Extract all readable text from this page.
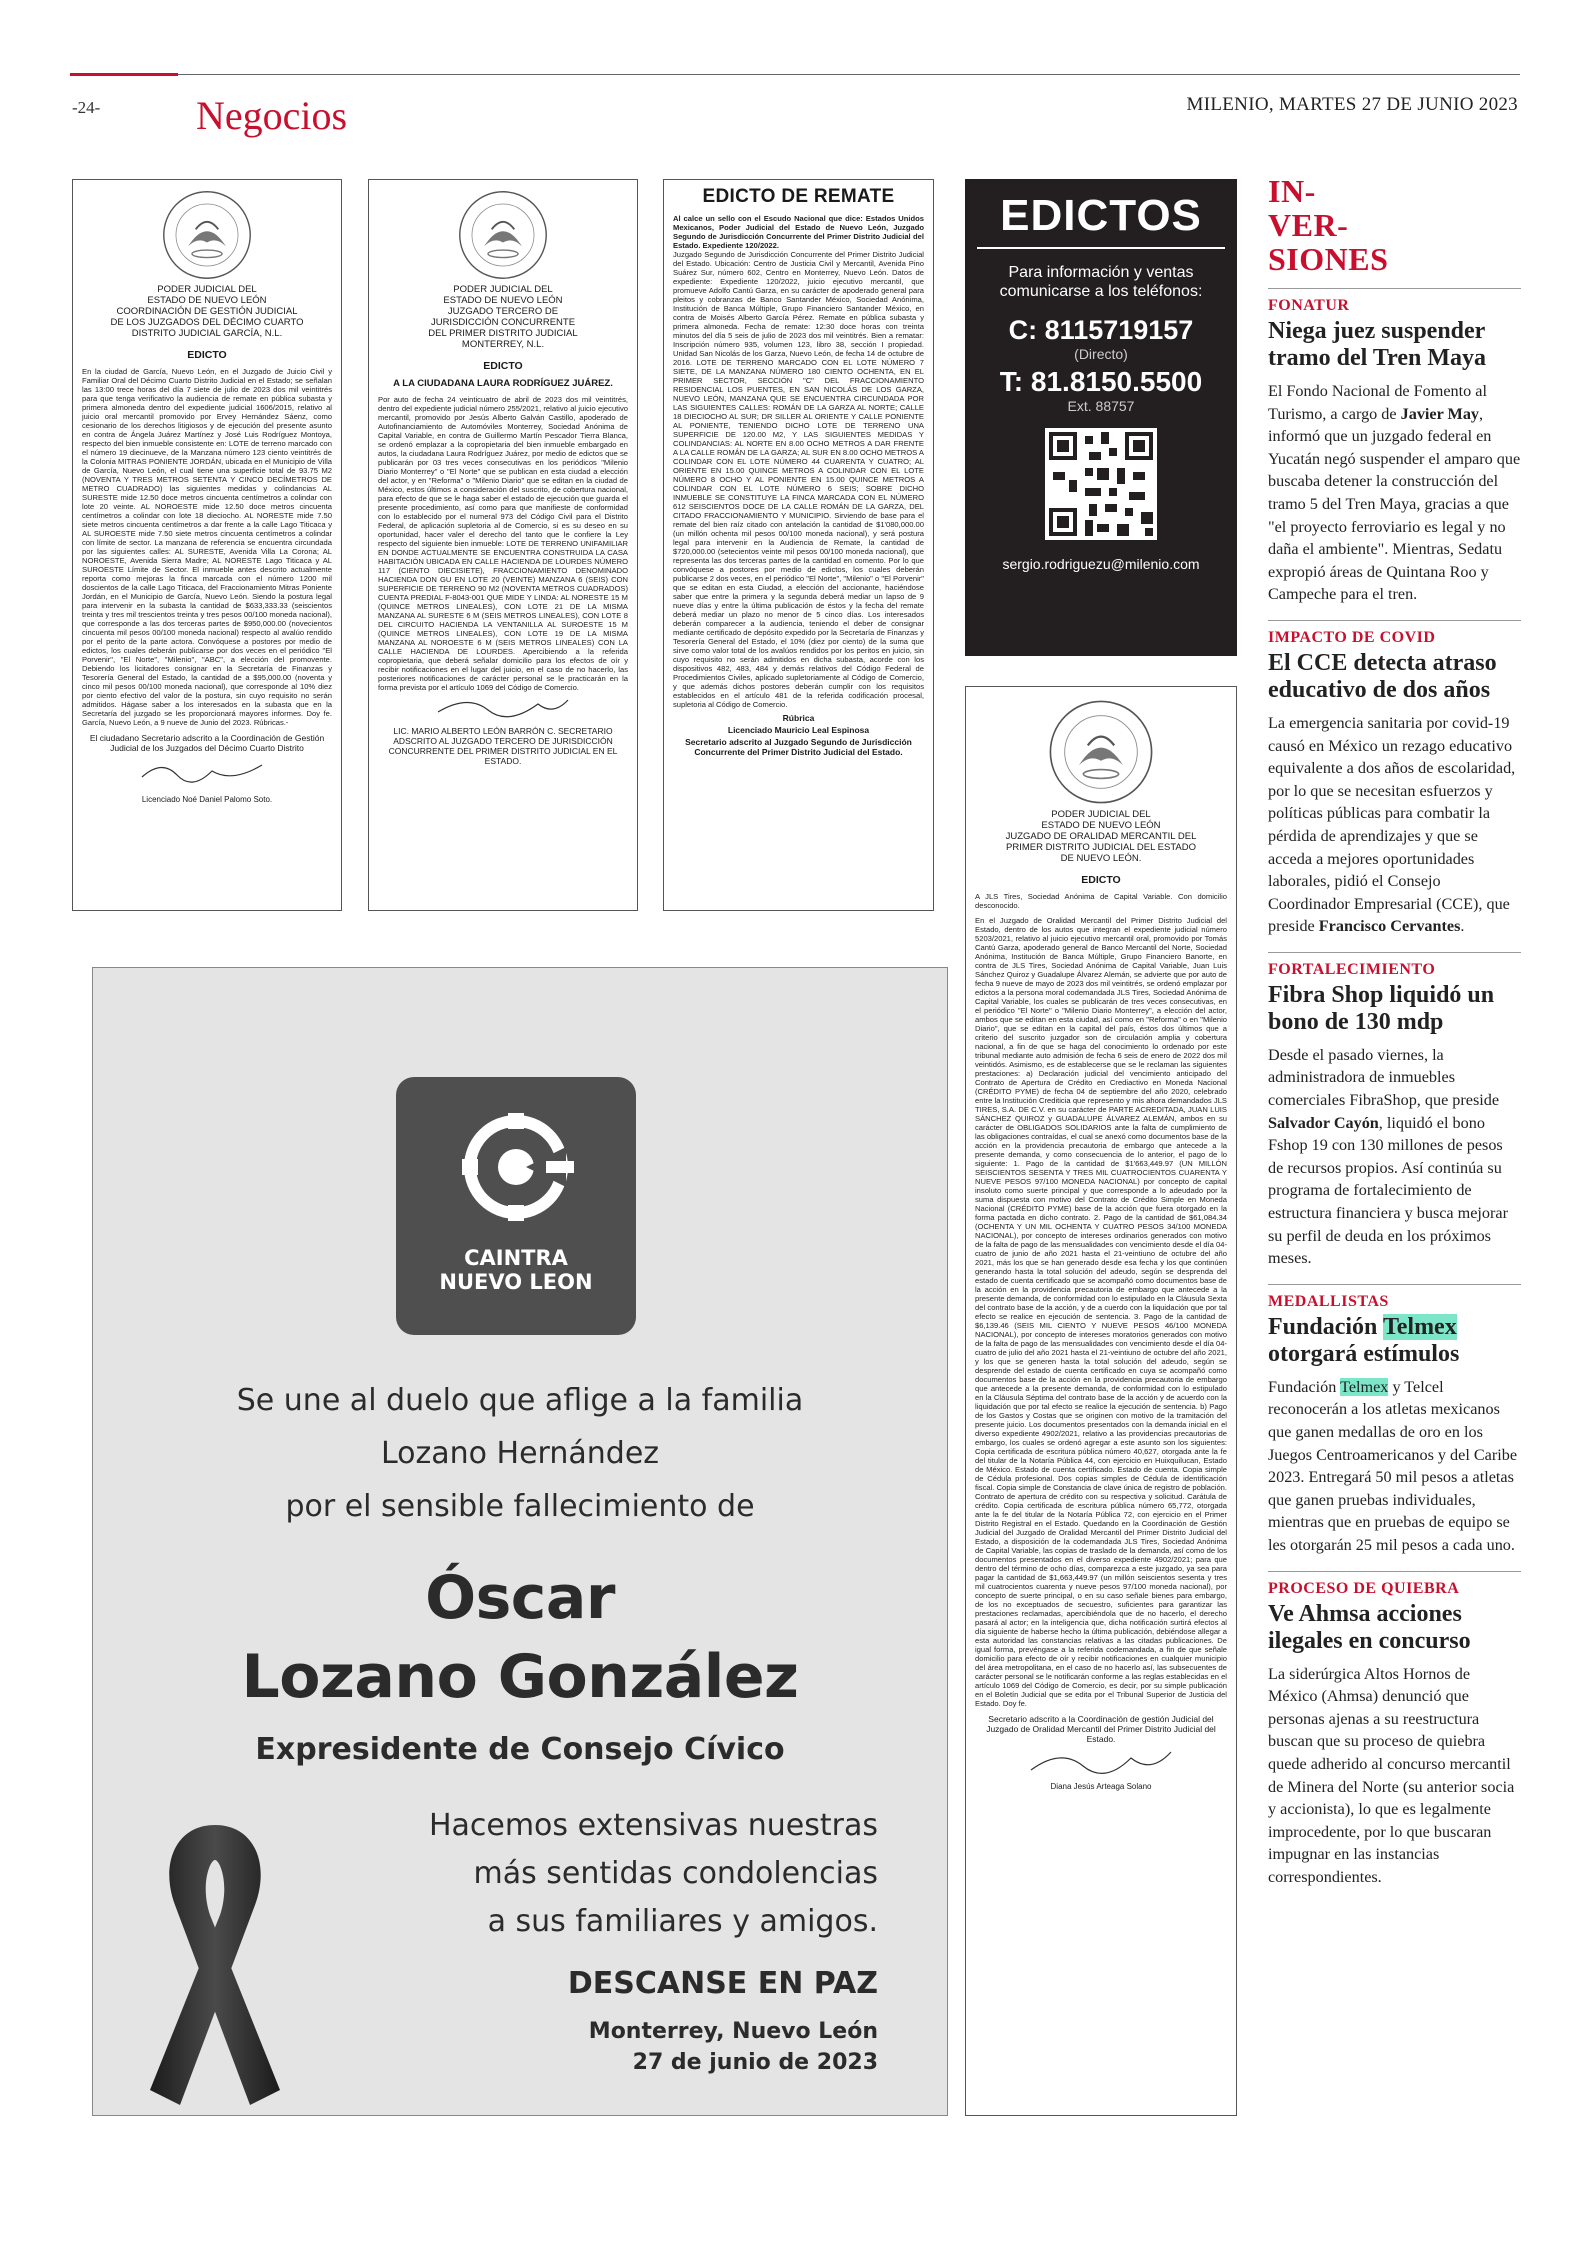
-24- Negocios	MILENIO, MARTES 27 DE JUNIO 2023
PODER JUDICIAL DEL
ESTADO DE NUEVO LEÓN
COORDINACIÓN DE GESTIÓN JUDICIAL
DE LOS JUZGADOS DEL DÉCIMO CUARTO
DISTRITO JUDICIAL GARCÍA, N.L.
EDICTO
En la ciudad de García, Nuevo León, en el Juzgado de Juicio Civil y Familiar Oral del Décimo Cuarto Distrito Judicial en el Estado; se señalan las 13:00 trece horas del día 7 siete de julio de 2023 dos mil veintitrés para que tenga verificativo la audiencia de remate en pública subasta y primera almoneda dentro del expediente judicial 1606/2015, relativo al juicio oral mercantil promovido por Ervey Hernández Sáenz, como cesionario de los derechos litigiosos y de ejecución del presente asunto en contra de Ángela Juárez Martínez y José Luis Rodríguez Montoya, respecto del bien inmueble consistente en: LOTE de terreno marcado con el número 19 diecinueve, de la Manzana número 123 ciento veintitrés de la Colonia MITRAS PONIENTE JORDÁN, ubicada en el Municipio de Villa de García, Nuevo León, el cual tiene una superficie total de 93.75 M2 (NOVENTA Y TRES METROS SETENTA Y CINCO DECÍMETROS DE METRO CUADRADO) las siguientes medidas y colindancias AL SURESTE mide 12.50 doce metros cincuenta centímetros a colindar con lote 20 veinte. AL NOROESTE mide 12.50 doce metros cincuenta centímetros a colindar con lote 18 dieciocho. AL NORESTE mide 7.50 siete metros cincuenta centímetros a dar frente a la calle Lago Titicaca y AL SUROESTE mide 7.50 siete metros cincuenta centímetros a colindar con límite de sector. La manzana de referencia se encuentra circundada por las siguientes calles: AL SURESTE, Avenida Villa La Corona; AL NOROESTE, Avenida Sierra Madre; AL NORESTE Lago Titicaca y AL SUROESTE Límite de Sector. El inmueble antes descrito actualmente reporta como mejoras la finca marcada con el número 1200 mil doscientos de la calle Lago Titicaca, del Fraccionamiento Mitras Poniente Jordán, en el Municipio de García, Nuevo León. Siendo la postura legal para intervenir en la subasta la cantidad de $633,333.33 (seiscientos treinta y tres mil trescientos treinta y tres pesos 00/100 moneda nacional), que corresponde a las dos terceras partes de $950,000.00 (novecientos cincuenta mil pesos 00/100 moneda nacional) respecto al avalúo rendido por el perito de la parte actora. Convóquese a postores por medio de edictos, los cuales deberán publicarse por dos veces en el periódico "El Porvenir", "El Norte", "Milenio", "ABC", a elección del promovente. Debiendo los licitadores consignar en la Secretaría de Finanzas y Tesorería General del Estado, la cantidad de a $95,000.00 (noventa y cinco mil pesos 00/100 moneda nacional), que corresponde al 10% diez por ciento efectivo del valor de la postura, sin cuyo requisito no serán admitidos. Hágase saber a los interesados en la subasta que en la Secretaría del juzgado se les proporcionará mayores informes. Doy fe. García, Nuevo León, a 9 nueve de Junio del 2023. Rúbricas.-
El ciudadano Secretario adscrito a la Coordinación de Gestión Judicial de los Juzgados del Décimo Cuarto Distrito
Licenciado Noé Daniel Palomo Soto.
PODER JUDICIAL DEL
ESTADO DE NUEVO LEÓN
JUZGADO TERCERO DE
JURISDICCIÓN CONCURRENTE
DEL PRIMER DISTRITO JUDICIAL
MONTERREY, N.L.
EDICTO
A LA CIUDADANA LAURA RODRÍGUEZ JUÁREZ.
Por auto de fecha 24 veinticuatro de abril de 2023 dos mil veintitrés, dentro del expediente judicial número 255/2021, relativo al juicio ejecutivo mercantil, promovido por Jesús Alberto Galván Castillo, apoderado de Autofinanciamiento de Automóviles Monterrey, Sociedad Anónima de Capital Variable, en contra de Guillermo Martín Pescador Tierra Blanca, se ordenó emplazar a la copropietaria del bien inmueble embargado en autos, la ciudadana Laura Rodríguez Juárez, por medio de edictos que se publicarán por 03 tres veces consecutivas en los periódicos "Milenio Diario Monterrey" o "El Norte" que se publican en esta ciudad a elección del actor, y en "Reforma" o "Milenio Diario" que se editan en la ciudad de México, estos últimos a consideración del suscrito, de cobertura nacional, para efecto de que se le haga saber el estado de ejecución que guarda el presente procedimiento, así como para que manifieste de conformidad con lo establecido por el numeral 973 del Código Civil para el Distrito Federal, de aplicación supletoria al de Comercio, si es su deseo en su oportunidad, hacer valer el derecho del tanto que le confiere la Ley respecto del siguiente bien inmueble: LOTE DE TERRENO UNIFAMILIAR EN DONDE ACTUALMENTE SE ENCUENTRA CONSTRUIDA LA CASA HABITACIÓN UBICADA EN CALLE HACIENDA DE LOURDES NÚMERO 117 (CIENTO DIECISIETE), FRACCIONAMIENTO DENOMINADO HACIENDA DON GU EN LOTE 20 (VEINTE) MANZANA 6 (SEIS) CON SUPERFICIE DE TERRENO 90 M2 (NOVENTA METROS CUADRADOS) CUENTA PREDIAL F-8043-001 QUE MIDE Y LINDA: AL NORESTE 15 M (QUINCE METROS LINEALES), CON LOTE 21 DE LA MISMA MANZANA AL SURESTE 6 M (SEIS METROS LINEALES), CON LOTE 8 DEL CIRCUITO HACIENDA LA VENTANILLA AL SUROESTE 15 M (QUINCE METROS LINEALES), CON LOTE 19 DE LA MISMA MANZANA AL NOROESTE 6 M (SEIS METROS LINEALES) CON LA CALLE HACIENDA DE LOURDES. Apercibiendo a la referida copropietaria, que deberá señalar domicilio para los efectos de oír y recibir notificaciones en el lugar del juicio, en el caso de no hacerlo, las posteriores notificaciones de carácter personal se le practicarán en la forma prevista por el artículo 1069 del Código de Comercio.
LIC. MARIO ALBERTO LEÓN BARRÓN C. SECRETARIO ADSCRITO AL JUZGADO TERCERO DE JURISDICCIÓN CONCURRENTE DEL PRIMER DISTRITO JUDICIAL EN EL ESTADO.
EDICTO DE REMATE
Al calce un sello con el Escudo Nacional que dice: Estados Unidos Mexicanos, Poder Judicial del Estado de Nuevo León, Juzgado Segundo de Jurisdicción Concurrente del Primer Distrito Judicial del Estado. Expediente 120/2022.
Juzgado Segundo de Jurisdicción Concurrente del Primer Distrito Judicial del Estado. Ubicación: Centro de Justicia Civil y Mercantil, Avenida Pino Suárez Sur, número 602, Centro en Monterrey, Nuevo León. Datos de expediente: Expediente 120/2022, juicio ejecutivo mercantil, que promueve Adolfo Cantú Garza, en su carácter de apoderado general para pleitos y cobranzas de Banco Santander México, Sociedad Anónima, Institución de Banca Múltiple, Grupo Financiero Santander México, en contra de Moisés Alberto García Pérez. Remate en pública subasta y primera almoneda. Fecha de remate: 12:30 doce horas con treinta minutos del día 5 seis de julio de 2023 dos mil veintitrés. Bien a rematar: Inscripción número 935, volumen 123, libro 38, sección I propiedad. Unidad San Nicolás de los Garza, Nuevo León, de fecha 14 de octubre de 2016. LOTE DE TERRENO MARCADO CON EL LOTE NÚMERO 7 SIETE, DE LA MANZANA NÚMERO 180 CIENTO OCHENTA, EN EL PRIMER SECTOR, SECCIÓN "C" DEL FRACCIONAMIENTO RESIDENCIAL LOS PUENTES, EN SAN NICOLÁS DE LOS GARZA, NUEVO LEÓN, MANZANA QUE SE ENCUENTRA CIRCUNDADA POR LAS SIGUIENTES CALLES: ROMÁN DE LA GARZA AL NORTE; CALLE 18 DIECIOCHO AL SUR; DR SILLER AL ORIENTE Y CALLE PONIENTE AL PONIENTE, TENIENDO DICHO LOTE DE TERRENO UNA SUPERFICIE DE 120.00 M2, Y LAS SIGUIENTES MEDIDAS Y COLINDANCIAS: AL NORTE EN 8.00 OCHO METROS A DAR FRENTE A LA CALLE ROMÁN DE LA GARZA; AL SUR EN 8.00 OCHO METROS A COLINDAR CON EL LOTE NÚMERO 44 CUARENTA Y CUATRO; AL ORIENTE EN 15.00 QUINCE METROS A COLINDAR CON EL LOTE NÚMERO 8 OCHO Y AL PONIENTE EN 15.00 QUINCE METROS A COLINDAR CON EL LOTE NÚMERO 6 SEIS; SOBRE DICHO INMUEBLE SE CONSTITUYE LA FINCA MARCADA CON EL NÚMERO 612 SEISCIENTOS DOCE DE LA CALLE ROMÁN DE LA GARZA, DEL CITADO FRACCIONAMIENTO Y MUNICIPIO. Sirviendo de base para el remate del bien raíz citado con antelación la cantidad de $1'080,000.00 (un millón ochenta mil pesos 00/100 moneda nacional), y será postura legal para intervenir en la Audiencia de Remate, la cantidad de $720,000.00 (setecientos veinte mil pesos 00/100 moneda nacional), que representa las dos terceras partes de la cantidad en comento. Por lo que convóquese a postores por medio de edictos, los cuales deberán publicarse 2 dos veces, en el periódico "El Norte", "Milenio" o "El Porvenir" que se editan en esta Ciudad, a elección del accionante, haciéndose saber que entre la primera y la segunda deberá mediar un lapso de 9 nueve días y entre la última publicación de éstos y la fecha del remate deberá mediar un plazo no menor de 5 cinco días. Los interesados deberán comparecer a la audiencia, teniendo el deber de consignar mediante certificado de depósito expedido por la Secretaría de Finanzas y Tesorería General del Estado, el 10% (diez por ciento) de la suma que sirve como valor total de los avalúos rendidos por los peritos en juicio, sin cuyo requisito no serán admitidos en dicha subasta, acorde con los dispositivos 482, 483, 484 y demás relativos del Código Federal de Procedimientos Civiles, aplicado supletoriamente al Código de Comercio, y que además dichos postores deberán cumplir con los requisitos establecidos en el artículo 481 de la referida codificación procesal, supletoria al Código de Comercio.
Rúbrica
Licenciado Mauricio Leal Espinosa
Secretario adscrito al Juzgado Segundo de Jurisdicción Concurrente del Primer Distrito Judicial del Estado.
EDICTOS
Para información y ventas comunicarse a los teléfonos:
C: 8115719157
(Directo)
T: 81.8150.5500
Ext. 88757
sergio.rodriguezu@milenio.com
PODER JUDICIAL DEL
ESTADO DE NUEVO LEÓN
JUZGADO DE ORALIDAD MERCANTIL DEL
PRIMER DISTRITO JUDICIAL DEL ESTADO
DE NUEVO LEÓN.
EDICTO
A JLS Tires, Sociedad Anónima de Capital Variable. Con domicilio desconocido.
En el Juzgado de Oralidad Mercantil del Primer Distrito Judicial del Estado, dentro de los autos que integran el expediente judicial número 5203/2021, relativo al juicio ejecutivo mercantil oral, promovido por Tomás Cantú Garza, apoderado general de Banco Mercantil del Norte, Sociedad Anónima, Institución de Banca Múltiple, Grupo Financiero Banorte, en contra de JLS Tires, Sociedad Anónima de Capital Variable, Juan Luis Sánchez Quiroz y Guadalupe Álvarez Alemán, se advierte que por auto de fecha 9 nueve de mayo de 2023 dos mil veintitrés, se ordenó emplazar por edictos a la persona moral codemandada JLS Tires, Sociedad Anónima de Capital Variable, los cuales se publicarán de tres veces consecutivas, en el periódico "El Norte" o "Milenio Diario Monterrey", a elección del actor, ambos que se editan en esta ciudad, así como en "Reforma" o en "Milenio Diario", que se editan en la capital del país, éstos dos últimos que a criterio del suscrito juzgador son de circulación amplia y cobertura nacional, a fin de que se haga del conocimiento lo ordenado por este tribunal mediante auto admisión de fecha 6 seis de enero de 2022 dos mil veintidós. Asimismo, es de establecerse que se le reclaman las siguientes prestaciones: a) Declaración judicial del vencimiento anticipado del Contrato de Apertura de Crédito en Crediactivo en Moneda Nacional (CRÉDITO PYME) de fecha 04 de septiembre del año 2020, celebrado entre la Institución Crediticia que represento y mis ahora demandados JLS TIRES, S.A. DE C.V. en su carácter de PARTE ACREDITADA, JUAN LUIS SÁNCHEZ QUIROZ y GUADALUPE ÁLVAREZ ALEMÁN, ambos en su carácter de OBLIGADOS SOLIDARIOS ante la falta de cumplimiento de las obligaciones contraídas, el cual se anexó como documentos base de la acción en la providencia precautoria de embargo que antecede a la presente demanda, y como consecuencia de lo anterior, el pago de lo siguiente: 1. Pago de la cantidad de $1'663,449.97 (UN MILLÓN SEISCIENTOS SESENTA Y TRES MIL CUATROCIENTOS CUARENTA Y NUEVE PESOS 97/100 MONEDA NACIONAL) por concepto de capital insoluto como suerte principal y que corresponde a lo adeudado por la suma dispuesta con motivo del Contrato de Crédito Simple en Moneda Nacional (CRÉDITO PYME) base de la acción que fuera otorgado en la forma pactada en dicho contrato. 2. Pago de la cantidad de $61,084.34 (OCHENTA Y UN MIL OCHENTA Y CUATRO PESOS 34/100 MONEDA NACIONAL), por concepto de intereses ordinarios generados con motivo de la falta de pago de las mensualidades con vencimiento desde el día 04-cuatro de junio de año 2021 hasta el 21-veintiuno de octubre del año 2021, más los que se han generado desde esa fecha y los que continúen generando hasta la total solución del adeudo, según se desprenda del estado de cuenta certificado que se acompañó como documentos base de la acción en la providencia precautoria de embargo que antecede a la presente demanda, de conformidad con lo estipulado en la Cláusula Sexta del contrato base de la acción, y de a cuerdo con la liquidación que por tal efecto se realice en ejecución de sentencia. 3. Pago de la cantidad de $6,139.46 (SEIS MIL CIENTO Y NUEVE PESOS 46/100 MONEDA NACIONAL), por concepto de intereses moratorios generados con motivo de la falta de pago de las mensualidades con vencimiento desde el día 04-cuatro de julio del año 2021 hasta el 21-veintiuno de octubre del año 2021, y los que se generen hasta la total solución del adeudo, según se desprende del estado de cuenta certificado en cuya se acompañó como documentos base de la acción en la providencia precautoria de embargo que antecede a la presente demanda, de conformidad con lo estipulado en la Cláusula Séptima del contrato base de la acción y de acuerdo con la liquidación que por tal efecto se realice la ejecución de sentencia. b) Pago de los Gastos y Costas que se originen con motivo de la tramitación del presente juicio. Los documentos presentados con la demanda inicial en el diverso expediente 4902/2021, relativo a las providencias precautorias de embargo, los cuales se ordenó agregar a este asunto son los siguientes: Copia certificada de escritura pública número 40,627, otorgada ante la fe del titular de la Notaría Pública 44, con ejercicio en Huixquilucan, Estado de México. Estado de cuenta certificado. Estado de cuenta. Copia simple de Cédula profesional. Dos copias simples de Cédula de identificación fiscal. Copia simple de Constancia de clave única de registro de población. Contrato de apertura de crédito con su respectiva y solicitud. Carátula de crédito. Copia certificada de escritura pública número 65,772, otorgada ante la fe del titular de la Notaría Pública 72, con ejercicio en el Primer Distrito Registral en el Estado. Quedando en la Coordinación de Gestión Judicial del Juzgado de Oralidad Mercantil del Primer Distrito Judicial del Estado, a disposición de la codemandada JLS Tires, Sociedad Anónima de Capital Variable, las copias de traslado de la demanda, así como de los documentos presentados en el diverso expediente 4902/2021; para que dentro del término de ocho días, comparezca a este juzgado, ya sea para pagar la cantidad de $1,663,449.97 (un millón seiscientos sesenta y tres mil cuatrocientos cuarenta y nueve pesos 97/100 moneda nacional), por concepto de suerte principal, o en su caso señale bienes para embargo, de los no exceptuados de secuestro, suficientes para garantizar las prestaciones reclamadas, apercibiéndola que de no hacerlo, el derecho pasará al actor; en la inteligencia que, dicha notificación surtirá efectos al día siguiente de haberse hecho la última publicación, debiéndose allegar a esta autoridad las constancias relativas a las citadas publicaciones. De igual forma, prevéngase a la referida codemandada, a fin de que señale domicilio para efecto de oír y recibir notificaciones en cualquier municipio del área metropolitana, en el caso de no hacerlo así, las subsecuentes de carácter personal se le notificarán conforme a las reglas establecidas en el artículo 1069 del Código de Comercio, es decir, por su simple publicación en el Boletín Judicial que se edita por el Tribunal Superior de Justicia del Estado. Doy fe.
Secretario adscrito a la Coordinación de gestión Judicial del Juzgado de Oralidad Mercantil del Primer Distrito Judicial del Estado.
Diana Jesús Arteaga Solano
CAINTRA
NUEVO LEON
Se une al duelo que aflige a la familia
Lozano Hernández
por el sensible fallecimiento de
Óscar
Lozano González
Expresidente de Consejo Cívico
Hacemos extensivas nuestras
más sentidas condolencias
a sus familiares y amigos.
DESCANSE EN PAZ
Monterrey, Nuevo León
27 de junio de 2023
IN-
VER-
SIONES
FONATUR
Niega juez suspender tramo del Tren Maya
El Fondo Nacional de Fomento al Turismo, a cargo de Javier May, informó que un juzgado federal en Yucatán negó suspender el amparo que buscaba detener la construcción del tramo 5 del Tren Maya, gracias a que "el proyecto ferroviario es legal y no daña el ambiente". Mientras, Sedatu expropió áreas de Quintana Roo y Campeche para el tren.
IMPACTO DE COVID
El CCE detecta atraso educativo de dos años
La emergencia sanitaria por covid-19 causó en México un rezago educativo equivalente a dos años de escolaridad, por lo que se necesitan esfuerzos y políticas públicas para combatir la pérdida de aprendizajes y que se acceda a mejores oportunidades laborales, pidió el Consejo Coordinador Empresarial (CCE), que preside Francisco Cervantes.
FORTALECIMIENTO
Fibra Shop liquidó un bono de 130 mdp
Desde el pasado viernes, la administradora de inmuebles comerciales FibraShop, que preside Salvador Cayón, liquidó el bono Fshop 19 con 130 millones de pesos de recursos propios. Así continúa su programa de fortalecimiento de estructura financiera y busca mejorar su perfil de deuda en los próximos meses.
MEDALLISTAS
Fundación Telmex otorgará estímulos
Fundación Telmex y Telcel reconocerán a los atletas mexicanos que ganen medallas de oro en los Juegos Centroamericanos y del Caribe 2023. Entregará 50 mil pesos a atletas que ganen pruebas individuales, mientras que en pruebas de equipo se les otorgarán 25 mil pesos a cada uno.
PROCESO DE QUIEBRA
Ve Ahmsa acciones ilegales en concurso
La siderúrgica Altos Hornos de México (Ahmsa) denunció que personas ajenas a su reestructura buscan que su proceso de quiebra quede adherido al concurso mercantil de Minera del Norte (su anterior socia y accionista), lo que es legalmente improcedente, por lo que buscaran impugnar en las instancias correspondientes.
